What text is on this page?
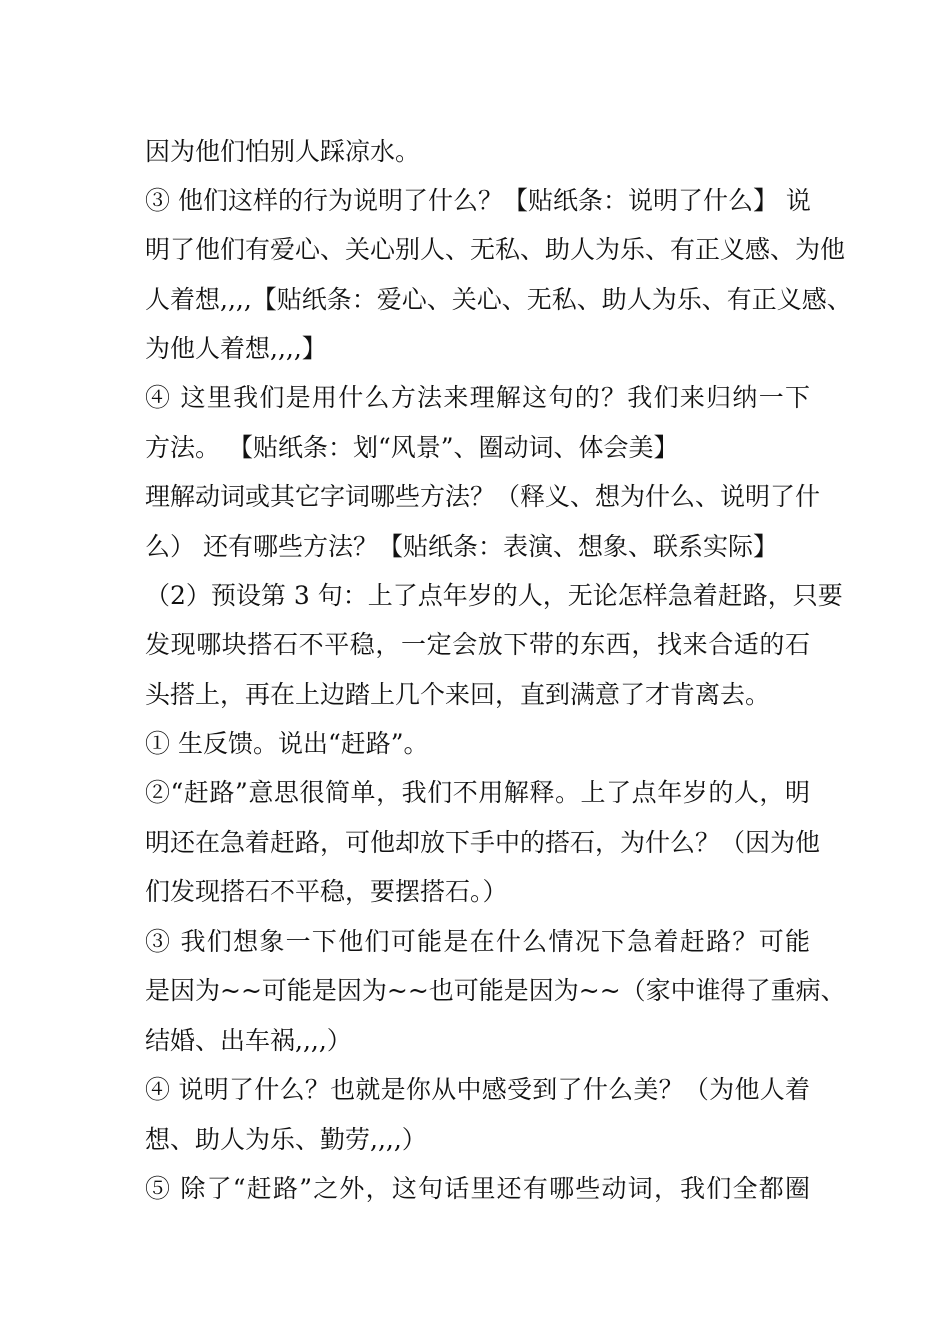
因为他们怕别人踩凉水。
③ 他们这样的行为说明了什么？【贴纸条：说明了什么】 说
明了他们有爱心、关心别人、无私、助人为乐、有正义感、为他
人着想,,,,【贴纸条：爱心、关心、无私、助人为乐、有正义感、
为他人着想,,,,】
④ 这里我们是用什么方法来理解这句的？我们来归纳一下
方法。 【贴纸条：划“风景”、圈动词、体会美】
理解动词或其它字词哪些方法？（释义、想为什么、说明了什
么） 还有哪些方法？【贴纸条：表演、想象、联系实际】
（2）预设第 3 句：上了点年岁的人，无论怎样急着赶路，只要
发现哪块搭石不平稳，一定会放下带的东西，找来合适的石
头搭上，再在上边踏上几个来回，直到满意了才肯离去。
① 生反馈。说出“赶路”。
②“赶路”意思很简单，我们不用解释。上了点年岁的人，明
明还在急着赶路，可他却放下手中的搭石，为什么？（因为他
们发现搭石不平稳，要摆搭石。）
③ 我们想象一下他们可能是在什么情况下急着赶路？可能
是因为~~可能是因为~~也可能是因为~~（家中谁得了重病、
结婚、出车祸,,,,）
④ 说明了什么？也就是你从中感受到了什么美？（为他人着
想、助人为乐、勤劳,,,,）
⑤ 除了“赶路”之外，这句话里还有哪些动词，我们全都圈
